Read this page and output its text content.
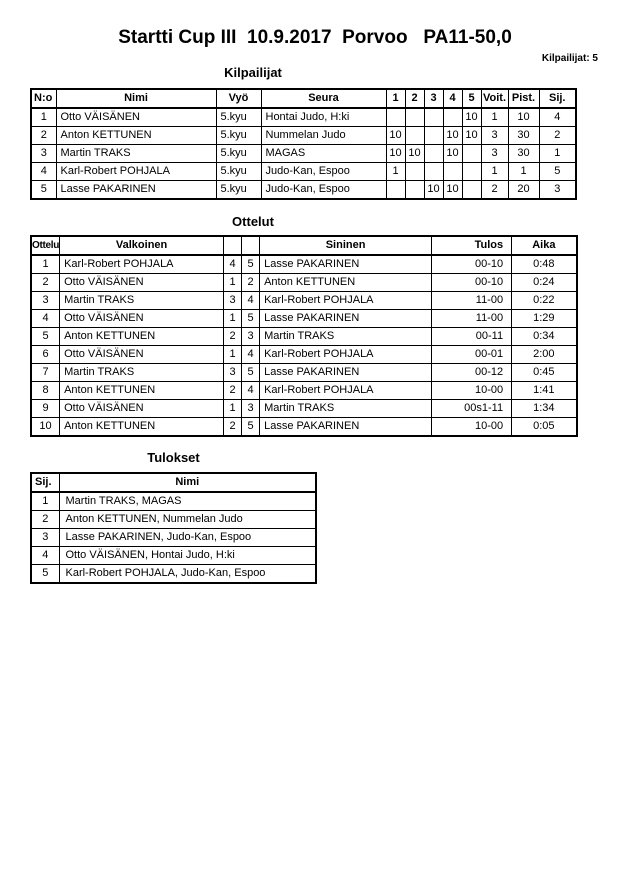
Startti Cup III  10.9.2017  Porvoo   PA11-50,0
Kilpailijat: 5
Kilpailijat
N:o	Nimi	Vyö	Seura	1	2	3	4	5	Voit.	Pist.	Sij.
1	Otto VÄISÄNEN	5.kyu	Hontai Judo, H:ki					10	1	10	4
2	Anton KETTUNEN	5.kyu	Nummelan Judo	10			10	10	3	30	2
3	Martin TRAKS	5.kyu	MAGAS	10	10		10		3	30	1
4	Karl-Robert POHJALA	5.kyu	Judo-Kan, Espoo	1					1	1	5
5	Lasse PAKARINEN	5.kyu	Judo-Kan, Espoo			10	10		2	20	3
Ottelut
Ottelu	Valkoinen			Sininen	Tulos	Aika
1	Karl-Robert POHJALA	4	5	Lasse PAKARINEN	00-10	0:48
2	Otto VÄISÄNEN	1	2	Anton KETTUNEN	00-10	0:24
3	Martin TRAKS	3	4	Karl-Robert POHJALA	11-00	0:22
4	Otto VÄISÄNEN	1	5	Lasse PAKARINEN	11-00	1:29
5	Anton KETTUNEN	2	3	Martin TRAKS	00-11	0:34
6	Otto VÄISÄNEN	1	4	Karl-Robert POHJALA	00-01	2:00
7	Martin TRAKS	3	5	Lasse PAKARINEN	00-12	0:45
8	Anton KETTUNEN	2	4	Karl-Robert POHJALA	10-00	1:41
9	Otto VÄISÄNEN	1	3	Martin TRAKS	00s1-11	1:34
10	Anton KETTUNEN	2	5	Lasse PAKARINEN	10-00	0:05
Tulokset
Sij.	Nimi
1	Martin TRAKS, MAGAS
2	Anton KETTUNEN, Nummelan Judo
3	Lasse PAKARINEN, Judo-Kan, Espoo
4	Otto VÄISÄNEN, Hontai Judo, H:ki
5	Karl-Robert POHJALA, Judo-Kan, Espoo
